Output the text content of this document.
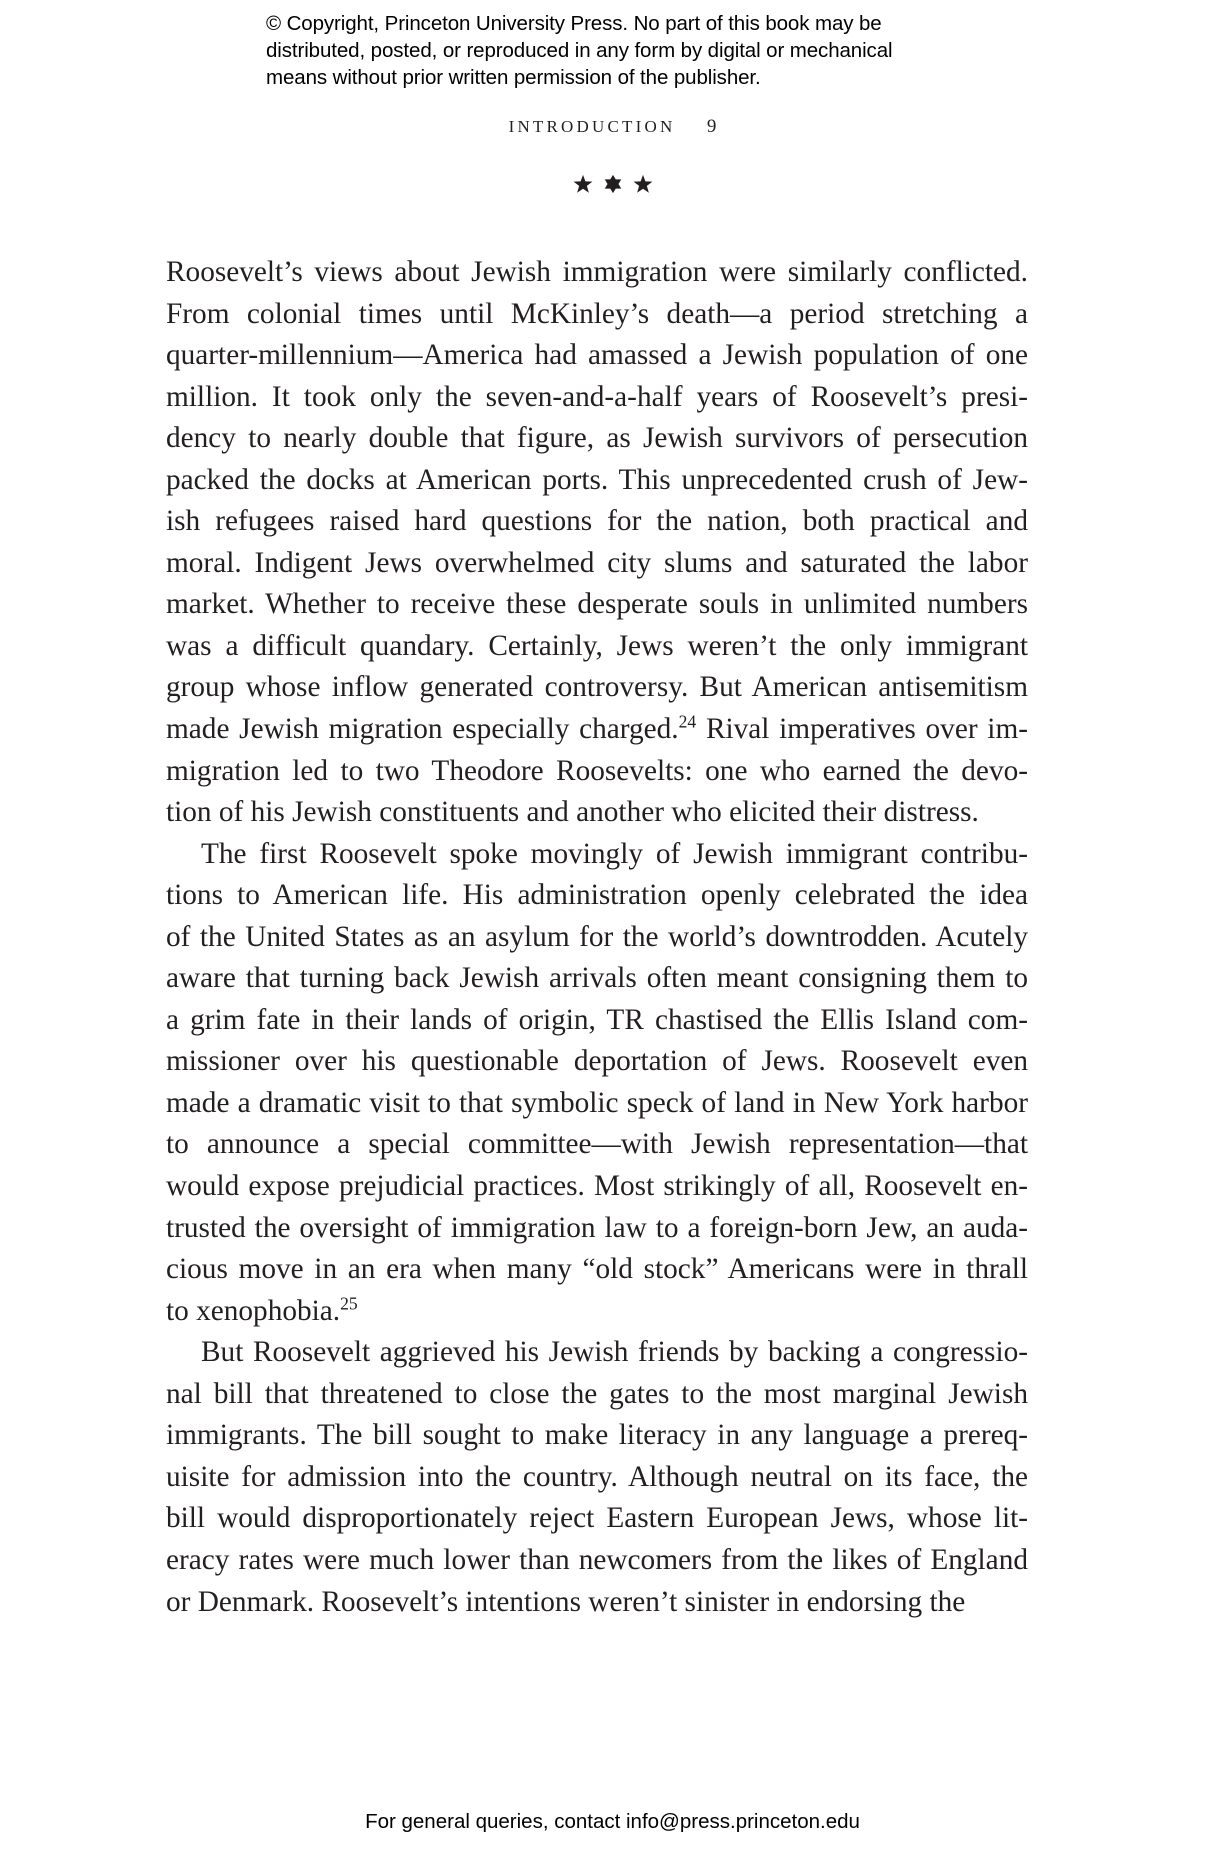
© Copyright, Princeton University Press. No part of this book may be
distributed, posted, or reproduced in any form by digital or mechanical
means without prior written permission of the publisher.
INTRODUCTION 9
Roosevelt’s views about Jewish immigration were similarly conflicted.
From colonial times until McKinley’s death—a period stretching a
quarter-millennium—America had amassed a Jewish population of one
million. It took only the seven-and-a-half years of Roosevelt’s presi-
dency to nearly double that figure, as Jewish survivors of persecution
packed the docks at American ports. This unprecedented crush of Jew-
ish refugees raised hard questions for the nation, both practical and
moral. Indigent Jews overwhelmed city slums and saturated the labor
market. Whether to receive these desperate souls in unlimited numbers
was a difficult quandary. Certainly, Jews weren’t the only immigrant
group whose inflow generated controversy. But American antisemitism
made Jewish migration especially charged.$^{24}$ Rival imperatives over im-
migration led to two Theodore Roosevelts: one who earned the devo-
tion of his Jewish constituents and another who elicited their distress.
The first Roosevelt spoke movingly of Jewish immigrant contribu-
tions to American life. His administration openly celebrated the idea
of the United States as an asylum for the world’s downtrodden. Acutely
aware that turning back Jewish arrivals often meant consigning them to
a grim fate in their lands of origin, TR chastised the Ellis Island com-
missioner over his questionable deportation of Jews. Roosevelt even
made a dramatic visit to that symbolic speck of land in New York harbor
to announce a special committee—with Jewish representation—that
would expose prejudicial practices. Most strikingly of all, Roosevelt en-
trusted the oversight of immigration law to a foreign-born Jew, an auda-
cious move in an era when many “old stock” Americans were in thrall
to xenophobia.$^{25}$
But Roosevelt aggrieved his Jewish friends by backing a congressio-
nal bill that threatened to close the gates to the most marginal Jewish
immigrants. The bill sought to make literacy in any language a prereq-
uisite for admission into the country. Although neutral on its face, the
bill would disproportionately reject Eastern European Jews, whose lit-
eracy rates were much lower than newcomers from the likes of England
or Denmark. Roosevelt’s intentions weren’t sinister in endorsing the
For general queries, contact info@press.princeton.edu
